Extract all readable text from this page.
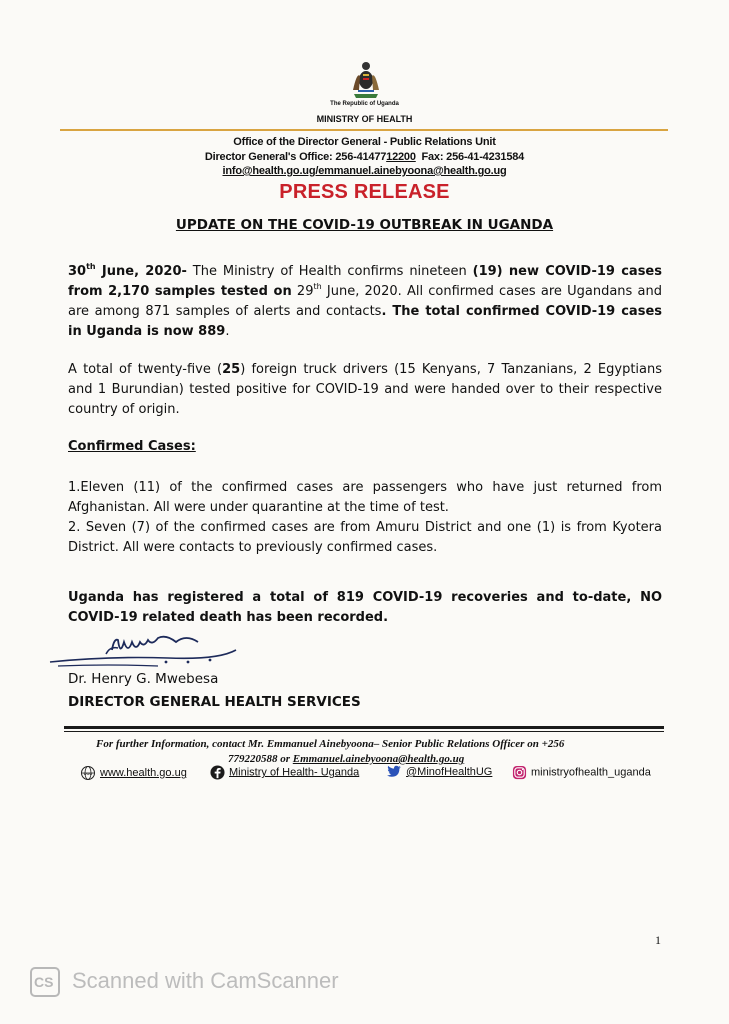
The Republic of Uganda
MINISTRY OF HEALTH
Office of the Director General - Public Relations Unit
Director General's Office: 256-4147712200 Fax: 256-41-4231584
info@health.go.ug/emmanuel.ainebyoona@health.go.ug
PRESS RELEASE
UPDATE ON THE COVID-19 OUTBREAK IN UGANDA
30th June, 2020- The Ministry of Health confirms nineteen (19) new COVID-19 cases from 2,170 samples tested on 29th June, 2020. All confirmed cases are Ugandans and are among 871 samples of alerts and contacts. The total confirmed COVID-19 cases in Uganda is now 889.
A total of twenty-five (25) foreign truck drivers (15 Kenyans, 7 Tanzanians, 2 Egyptians and 1 Burundian) tested positive for COVID-19 and were handed over to their respective country of origin.
Confirmed Cases:
1.Eleven (11) of the confirmed cases are passengers who have just returned from Afghanistan. All were under quarantine at the time of test.
2. Seven (7) of the confirmed cases are from Amuru District and one (1) is from Kyotera District. All were contacts to previously confirmed cases.
Uganda has registered a total of 819 COVID-19 recoveries and to-date, NO COVID-19 related death has been recorded.
Dr. Henry G. Mwebesa
DIRECTOR GENERAL HEALTH SERVICES
For further Information, contact Mr. Emmanuel Ainebyoona– Senior Public Relations Officer on +256
779220588 or Emmanuel.ainebyoona@health.go.ug
www www.health.go.ug	Ministry of Health- Uganda	@MinofHealthUG	ministryofhealth_uganda
1
CS Scanned with CamScanner
